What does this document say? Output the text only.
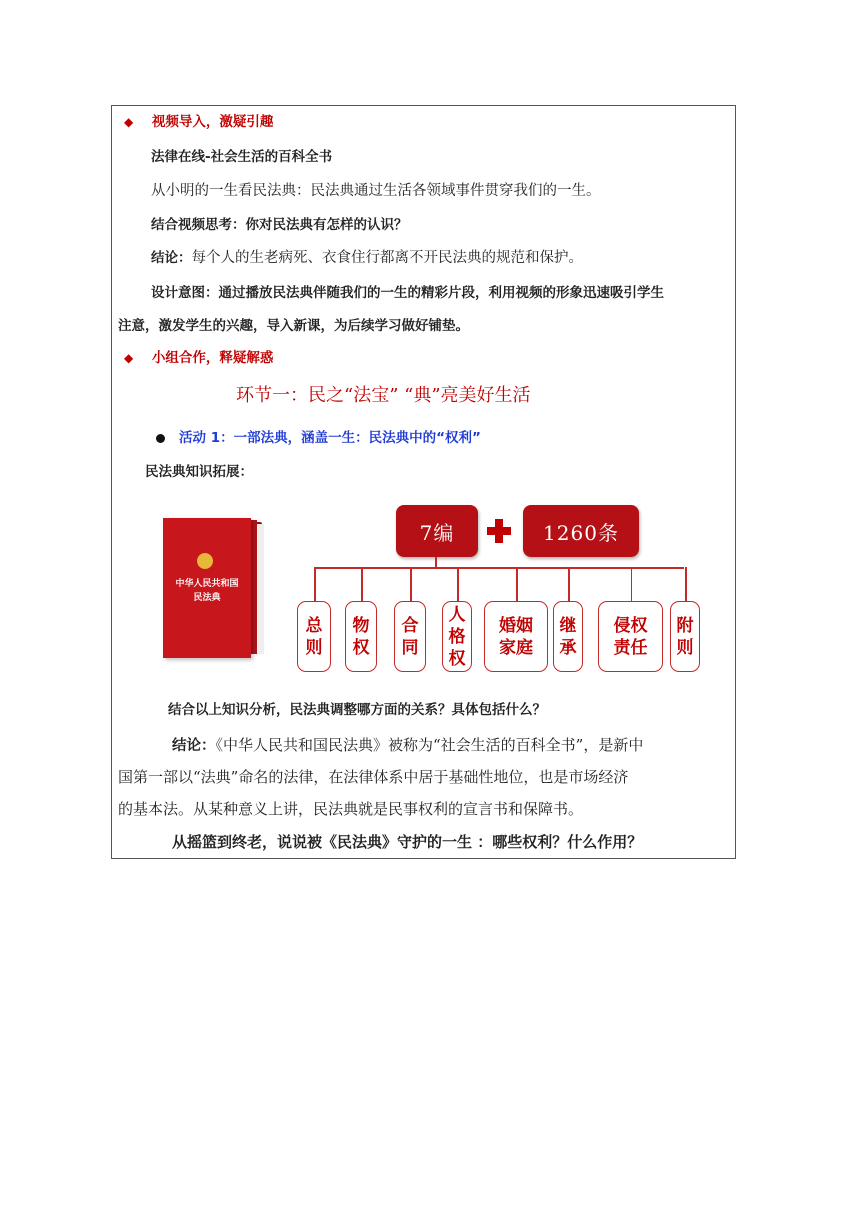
◆ 视频导入，激疑引趣
法律在线-社会生活的百科全书
从小明的一生看民法典：民法典通过生活各领域事件贯穿我们的一生。
结合视频思考：你对民法典有怎样的认识？
结论：每个人的生老病死、衣食住行都离不开民法典的规范和保护。
设计意图：通过播放民法典伴随我们的一生的精彩片段，利用视频的形象迅速吸引学生
注意，激发学生的兴趣，导入新课，为后续学习做好铺垫。
◆ 小组合作，释疑解惑
环节一：民之“法宝” “典”亮美好生活
活动 1：一部法典，涵盖一生：民法典中的“权利”
民法典知识拓展：
中华人民共和国
民法典
7编	1260条
总
则
物
权
合
同
人
格
权
婚姻
家庭
继
承
侵权
责任
附
则
结合以上知识分析，民法典调整哪方面的关系？具体包括什么？
结论：《中华人民共和国民法典》被称为“社会生活的百科全书”，是新中
国第一部以“法典”命名的法律，在法律体系中居于基础性地位，也是市场经济
的基本法。从某种意义上讲，民法典就是民事权利的宣言书和保障书。
从摇篮到终老，说说被《民法典》守护的一生 ：哪些权利？什么作用？
